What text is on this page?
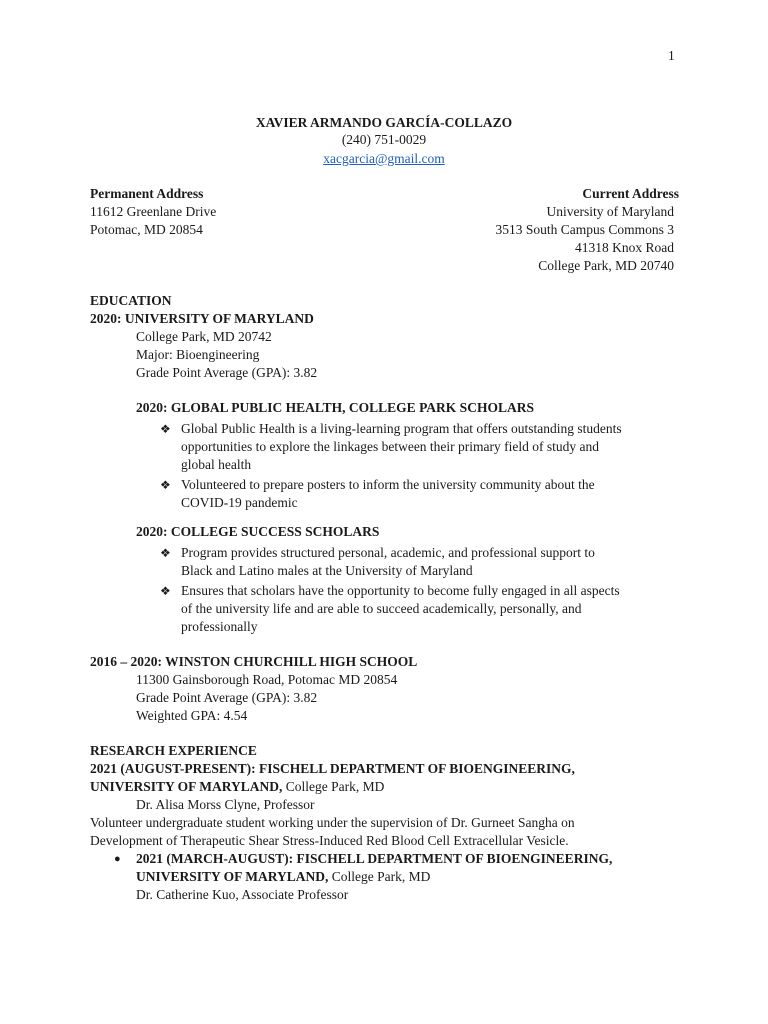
1
XAVIER ARMANDO GARCÍA-COLLAZO
(240) 751-0029
xacgarcia@gmail.com
Permanent Address
11612 Greenlane Drive
Potomac, MD 20854
Current Address
University of Maryland
3513 South Campus Commons 3
41318 Knox Road
College Park, MD 20740
EDUCATION
2020: UNIVERSITY OF MARYLAND
College Park, MD 20742
Major: Bioengineering
Grade Point Average (GPA): 3.82
2020: GLOBAL PUBLIC HEALTH, COLLEGE PARK SCHOLARS
❖ Global Public Health is a living-learning program that offers outstanding students
opportunities to explore the linkages between their primary field of study and
global health
❖ Volunteered to prepare posters to inform the university community about the
COVID-19 pandemic
2020: COLLEGE SUCCESS SCHOLARS
❖ Program provides structured personal, academic, and professional support to
Black and Latino males at the University of Maryland
❖ Ensures that scholars have the opportunity to become fully engaged in all aspects
of the university life and are able to succeed academically, personally, and
professionally
2016 – 2020: WINSTON CHURCHILL HIGH SCHOOL
11300 Gainsborough Road, Potomac MD 20854
Grade Point Average (GPA): 3.82
Weighted GPA: 4.54
RESEARCH EXPERIENCE
2021 (AUGUST-PRESENT): FISCHELL DEPARTMENT OF BIOENGINEERING,
UNIVERSITY OF MARYLAND, College Park, MD
Dr. Alisa Morss Clyne, Professor
Volunteer undergraduate student working under the supervision of Dr. Gurneet Sangha on
Development of Therapeutic Shear Stress-Induced Red Blood Cell Extracellular Vesicle.
● 2021 (MARCH-AUGUST): FISCHELL DEPARTMENT OF BIOENGINEERING,
UNIVERSITY OF MARYLAND, College Park, MD
Dr. Catherine Kuo, Associate Professor
